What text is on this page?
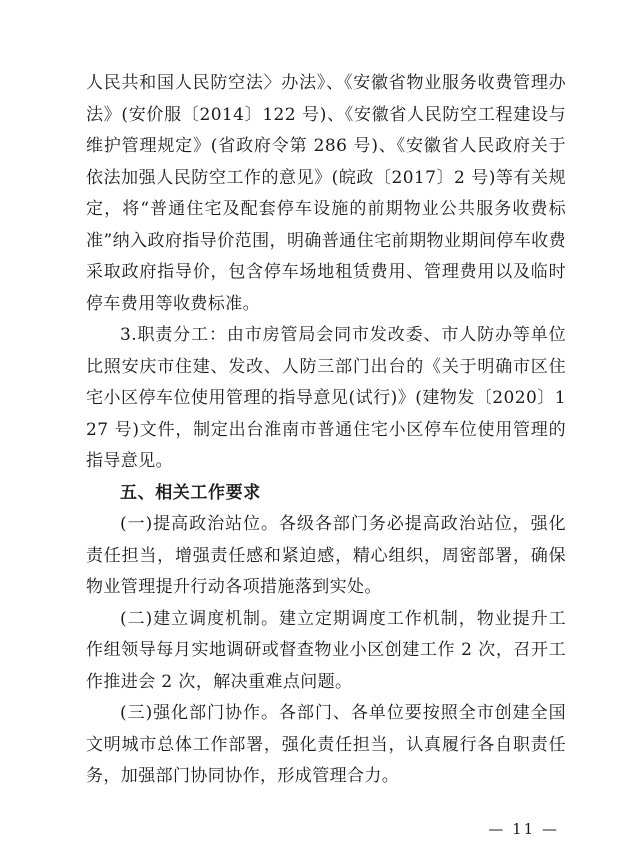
人民共和国人民防空法〉办法》、《安徽省物业服务收费管理办法》(安价服〔2014〕122 号)、《安徽省人民防空工程建设与维护管理规定》(省政府令第 286 号)、《安徽省人民政府关于依法加强人民防空工作的意见》(皖政〔2017〕2 号)等有关规定，将“普通住宅及配套停车设施的前期物业公共服务收费标准”纳入政府指导价范围，明确普通住宅前期物业期间停车收费采取政府指导价，包含停车场地租赁费用、管理费用以及临时停车费用等收费标准。

3.职责分工：由市房管局会同市发改委、市人防办等单位比照安庆市住建、发改、人防三部门出台的《关于明确市区住宅小区停车位使用管理的指导意见(试行)》(建物发〔2020〕127 号)文件，制定出台淮南市普通住宅小区停车位使用管理的指导意见。

五、相关工作要求

(一)提高政治站位。各级各部门务必提高政治站位，强化责任担当，增强责任感和紧迫感，精心组织，周密部署，确保物业管理提升行动各项措施落到实处。

(二)建立调度机制。建立定期调度工作机制，物业提升工作组领导每月实地调研或督查物业小区创建工作 2 次，召开工作推进会 2 次，解决重难点问题。

(三)强化部门协作。各部门、各单位要按照全市创建全国文明城市总体工作部署，强化责任担当，认真履行各自职责任务，加强部门协同协作，形成管理合力。

— 11 —
